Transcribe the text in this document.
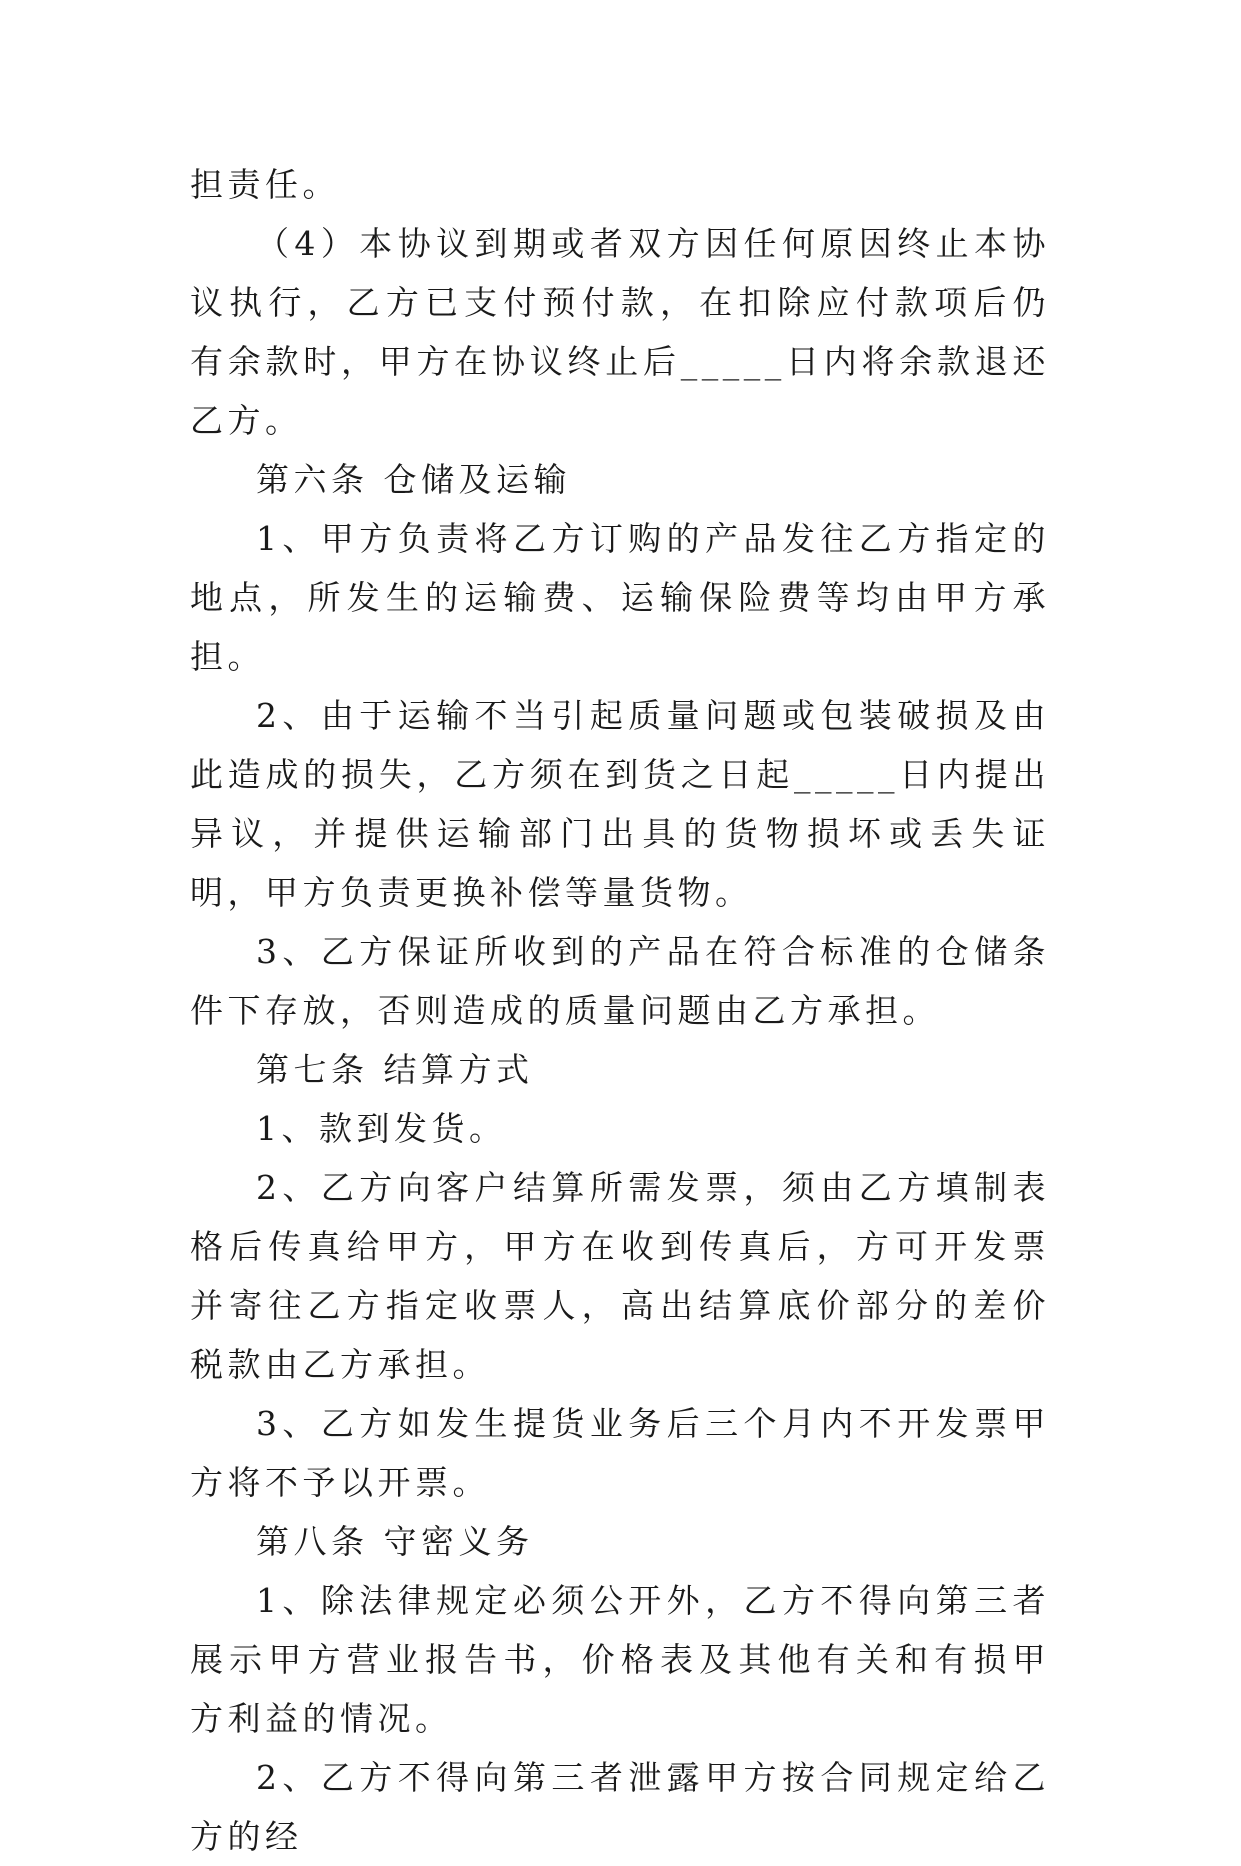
担责任。

（4）本协议到期或者双方因任何原因终止本协议执行，乙方已支付预付款，在扣除应付款项后仍有余款时，甲方在协议终止后_____日内将余款退还乙方。

第六条 仓储及运输

1、甲方负责将乙方订购的产品发往乙方指定的地点，所发生的运输费、运输保险费等均由甲方承担。

2、由于运输不当引起质量问题或包装破损及由此造成的损失，乙方须在到货之日起_____日内提出异议，并提供运输部门出具的货物损坏或丢失证明，甲方负责更换补偿等量货物。

3、乙方保证所收到的产品在符合标准的仓储条件下存放，否则造成的质量问题由乙方承担。

第七条 结算方式

1、款到发货。

2、乙方向客户结算所需发票，须由乙方填制表格后传真给甲方，甲方在收到传真后，方可开发票并寄往乙方指定收票人，高出结算底价部分的差价税款由乙方承担。

3、乙方如发生提货业务后三个月内不开发票甲方将不予以开票。

第八条 守密义务

1、除法律规定必须公开外，乙方不得向第三者展示甲方营业报告书，价格表及其他有关和有损甲方利益的情况。

2、乙方不得向第三者泄露甲方按合同规定给乙方的经
